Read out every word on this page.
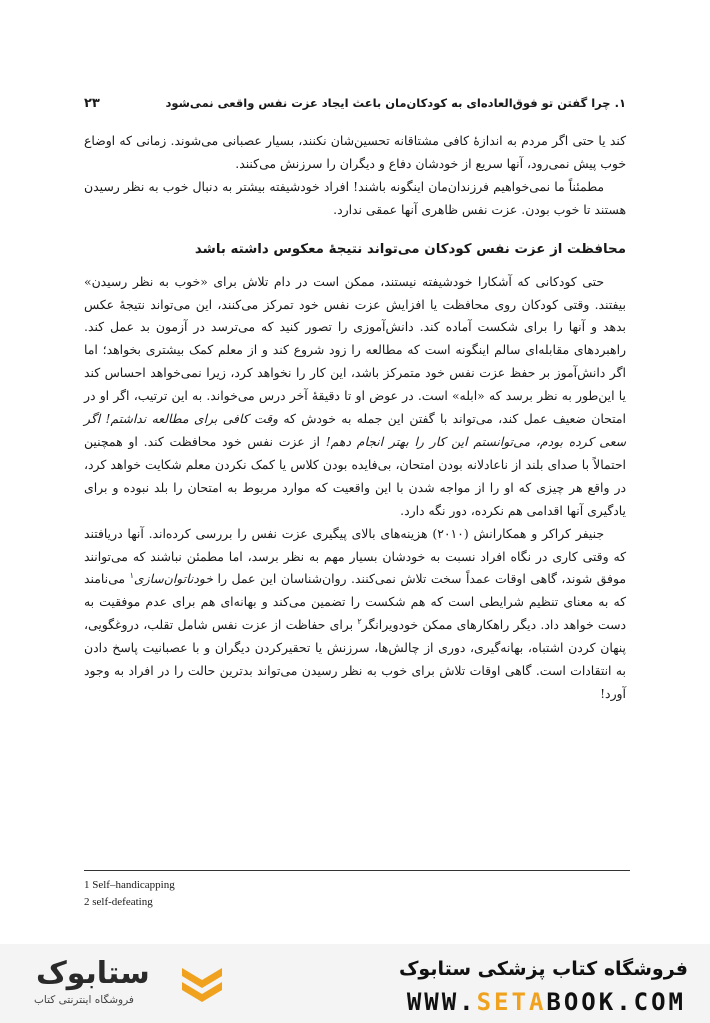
۱. چرا گفتن تو فوق‌العاده‌ای به کودکان‌مان باعث ایجاد عزت نفس واقعی نمی‌شود
۲۳

کند یا حتی اگر مردم به اندازهٔ کافی مشتاقانه تحسین‌شان نکنند، بسیار عصبانی می‌شوند. زمانی که اوضاع خوب پیش نمی‌رود، آنها سریع از خودشان دفاع و دیگران را سرزنش می‌کنند.

مطمئناً ما نمی‌خواهیم فرزندان‌مان اینگونه باشند! افراد خودشیفته بیشتر به دنبال خوب به نظر رسیدن هستند تا خوب بودن. عزت نفس ظاهری آنها عمقی ندارد.

محافظت از عزت نفس کودکان می‌تواند نتیجهٔ معکوس داشته باشد

حتی کودکانی که آشکارا خودشیفته نیستند، ممکن است در دام تلاش برای «خوب به نظر رسیدن» بیفتند. وقتی کودکان روی محافظت یا افزایش عزت نفس خود تمرکز می‌کنند، این می‌تواند نتیجهٔ عکس بدهد و آنها را برای شکست آماده کند. دانش‌آموزی را تصور کنید که می‌ترسد در آزمون بد عمل کند. راهبردهای مقابله‌ای سالم اینگونه است که مطالعه را زود شروع کند و از معلم کمک بیشتری بخواهد؛ اما اگر دانش‌آموز بر حفظ عزت نفس خود متمرکز باشد، این کار را نخواهد کرد، زیرا نمی‌خواهد احساس کند یا این‌طور به نظر برسد که «ابله» است. در عوض او تا دقیقهٔ آخر درس می‌خواند. به این ترتیب، اگر او در امتحان ضعیف عمل کند، می‌تواند با گفتن این جمله به خودش که وقت کافی برای مطالعه نداشتم! اگر سعی کرده بودم، می‌توانستم این کار را بهتر انجام دهم! از عزت نفس خود محافظت کند. او همچنین احتمالاً با صدای بلند از ناعادلانه بودن امتحان، بی‌فایده بودن کلاس یا کمک نکردن معلم شکایت خواهد کرد، در واقع هر چیزی که او را از مواجه شدن با این واقعیت که موارد مربوط به امتحان را بلد نبوده و برای یادگیری آنها اقدامی هم نکرده، دور نگه دارد.

جنیفر کراکر و همکارانش (۲۰۱۰) هزینه‌های بالای پیگیری عزت نفس را بررسی کرده‌اند. آنها دریافتند که وقتی کاری در نگاه افراد نسبت به خودشان بسیار مهم به نظر برسد، اما مطمئن نباشند که می‌توانند موفق شوند، گاهی اوقات عمداً سخت تلاش نمی‌کنند. روان‌شناسان این عمل را خودناتوان‌سازی$^۱$ می‌نامند که به معنای تنظیم شرایطی است که هم شکست را تضمین می‌کند و بهانه‌ای هم برای عدم موفقیت به دست خواهد داد. دیگر راهکارهای ممکن خودویرانگر$^۲$ برای حفاظت از عزت نفس شامل تقلب، دروغگویی، پنهان کردن اشتباه، بهانه‌گیری، دوری از چالش‌ها، سرزنش یا تحقیرکردن دیگران و با عصبانیت پاسخ دادن به انتقادات است. گاهی اوقات تلاش برای خوب به نظر رسیدن می‌تواند بدترین حالت را در افراد به وجود آورد!

1 Self–handicapping
2 self-defeating
ستابوک
فروشگاه اینترنتی کتاب
فروشگاه کتاب پزشکی ستابوک
WWW.SETABOOK.COM
